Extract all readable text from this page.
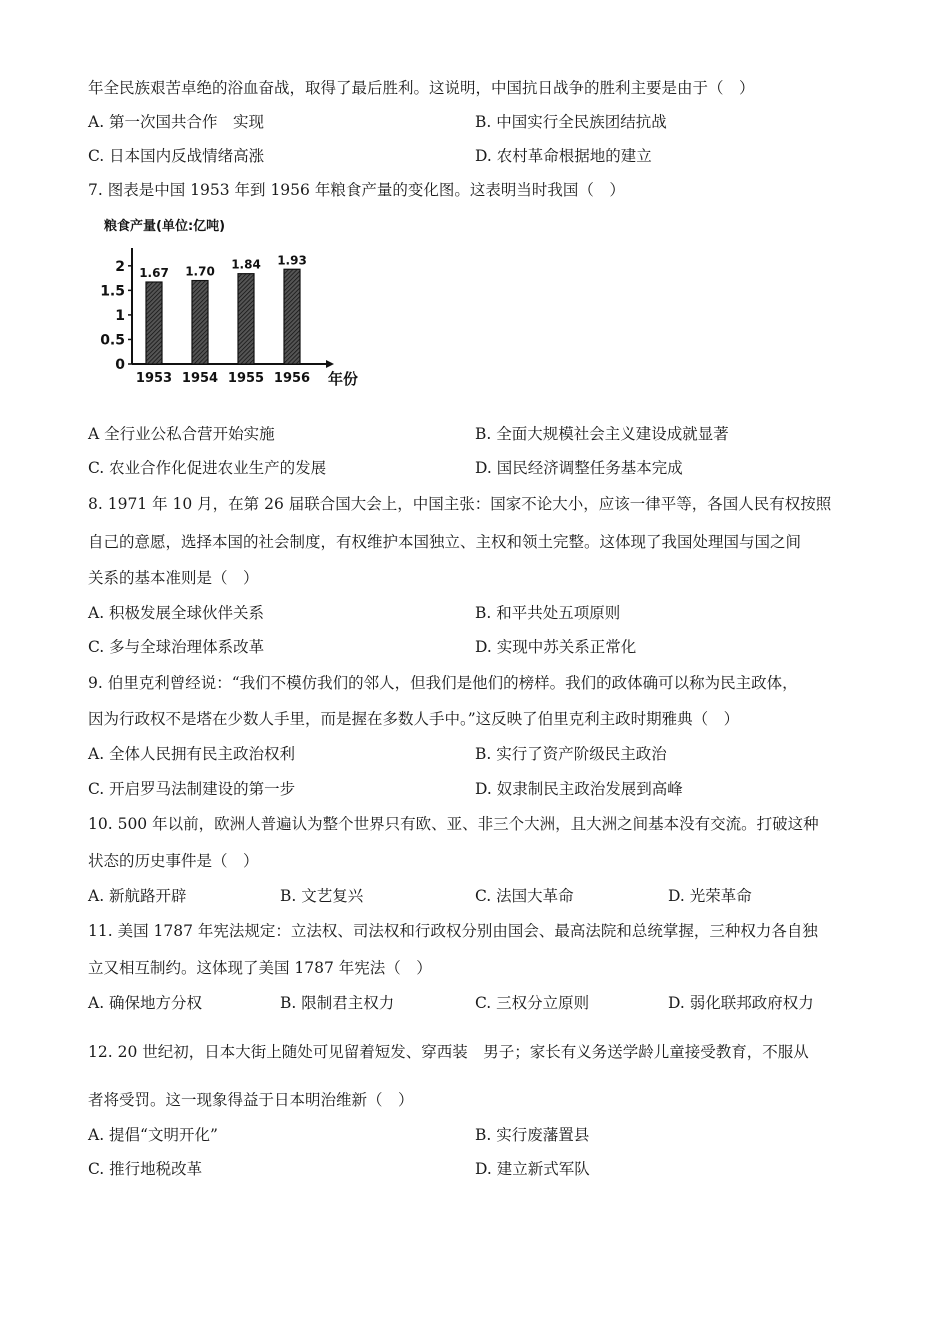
年全民族艰苦卓绝的浴血奋战，取得了最后胜利。这说明，中国抗日战争的胜利主要是由于（　）
A. 第一次国共合作　实现	B. 中国实行全民族团结抗战
C. 日本国内反战情绪高涨	D. 农村革命根据地的建立
7. 图表是中国 1953 年到 1956 年粮食产量的变化图。这表明当时我国（　）
粮食产量(单位:亿吨)
0
0.5
1
1.5
2 1.67
1953
1.70
1954
1.84
1955
1.93
1956 年份
A 全行业公私合营开始实施	B. 全面大规模社会主义建设成就显著
C. 农业合作化促进农业生产的发展	D. 国民经济调整任务基本完成
8. 1971 年 10 月，在第 26 届联合国大会上，中国主张：国家不论大小，应该一律平等，各国人民有权按照
自己的意愿，选择本国的社会制度，有权维护本国独立、主权和领土完整。这体现了我国处理国与国之间
关系的基本准则是（　）
A. 积极发展全球伙伴关系	B. 和平共处五项原则
C. 多与全球治理体系改革	D. 实现中苏关系正常化
9. 伯里克利曾经说：“我们不模仿我们的邻人，但我们是他们的榜样。我们的政体确可以称为民主政体，
因为行政权不是塔在少数人手里，而是握在多数人手中。”这反映了伯里克利主政时期雅典（　）
A. 全体人民拥有民主政治权利	B. 实行了资产阶级民主政治
C. 开启罗马法制建设的第一步	D. 奴隶制民主政治发展到高峰
10. 500 年以前，欧洲人普遍认为整个世界只有欧、亚、非三个大洲，且大洲之间基本没有交流。打破这种
状态的历史事件是（　）
A. 新航路开辟	B. 文艺复兴	C. 法国大革命	D. 光荣革命
11. 美国 1787 年宪法规定：立法权、司法权和行政权分别由国会、最高法院和总统掌握，三种权力各自独
立又相互制约。这体现了美国 1787 年宪法（　）
A. 确保地方分权	B. 限制君主权力	C. 三权分立原则	D. 弱化联邦政府权力
12. 20 世纪初，日本大街上随处可见留着短发、穿西装　男子；家长有义务送学龄儿童接受教育，不服从
者将受罚。这一现象得益于日本明治维新（　）
A. 提倡“文明开化”	B. 实行废藩置县
C. 推行地税改革	D. 建立新式军队
